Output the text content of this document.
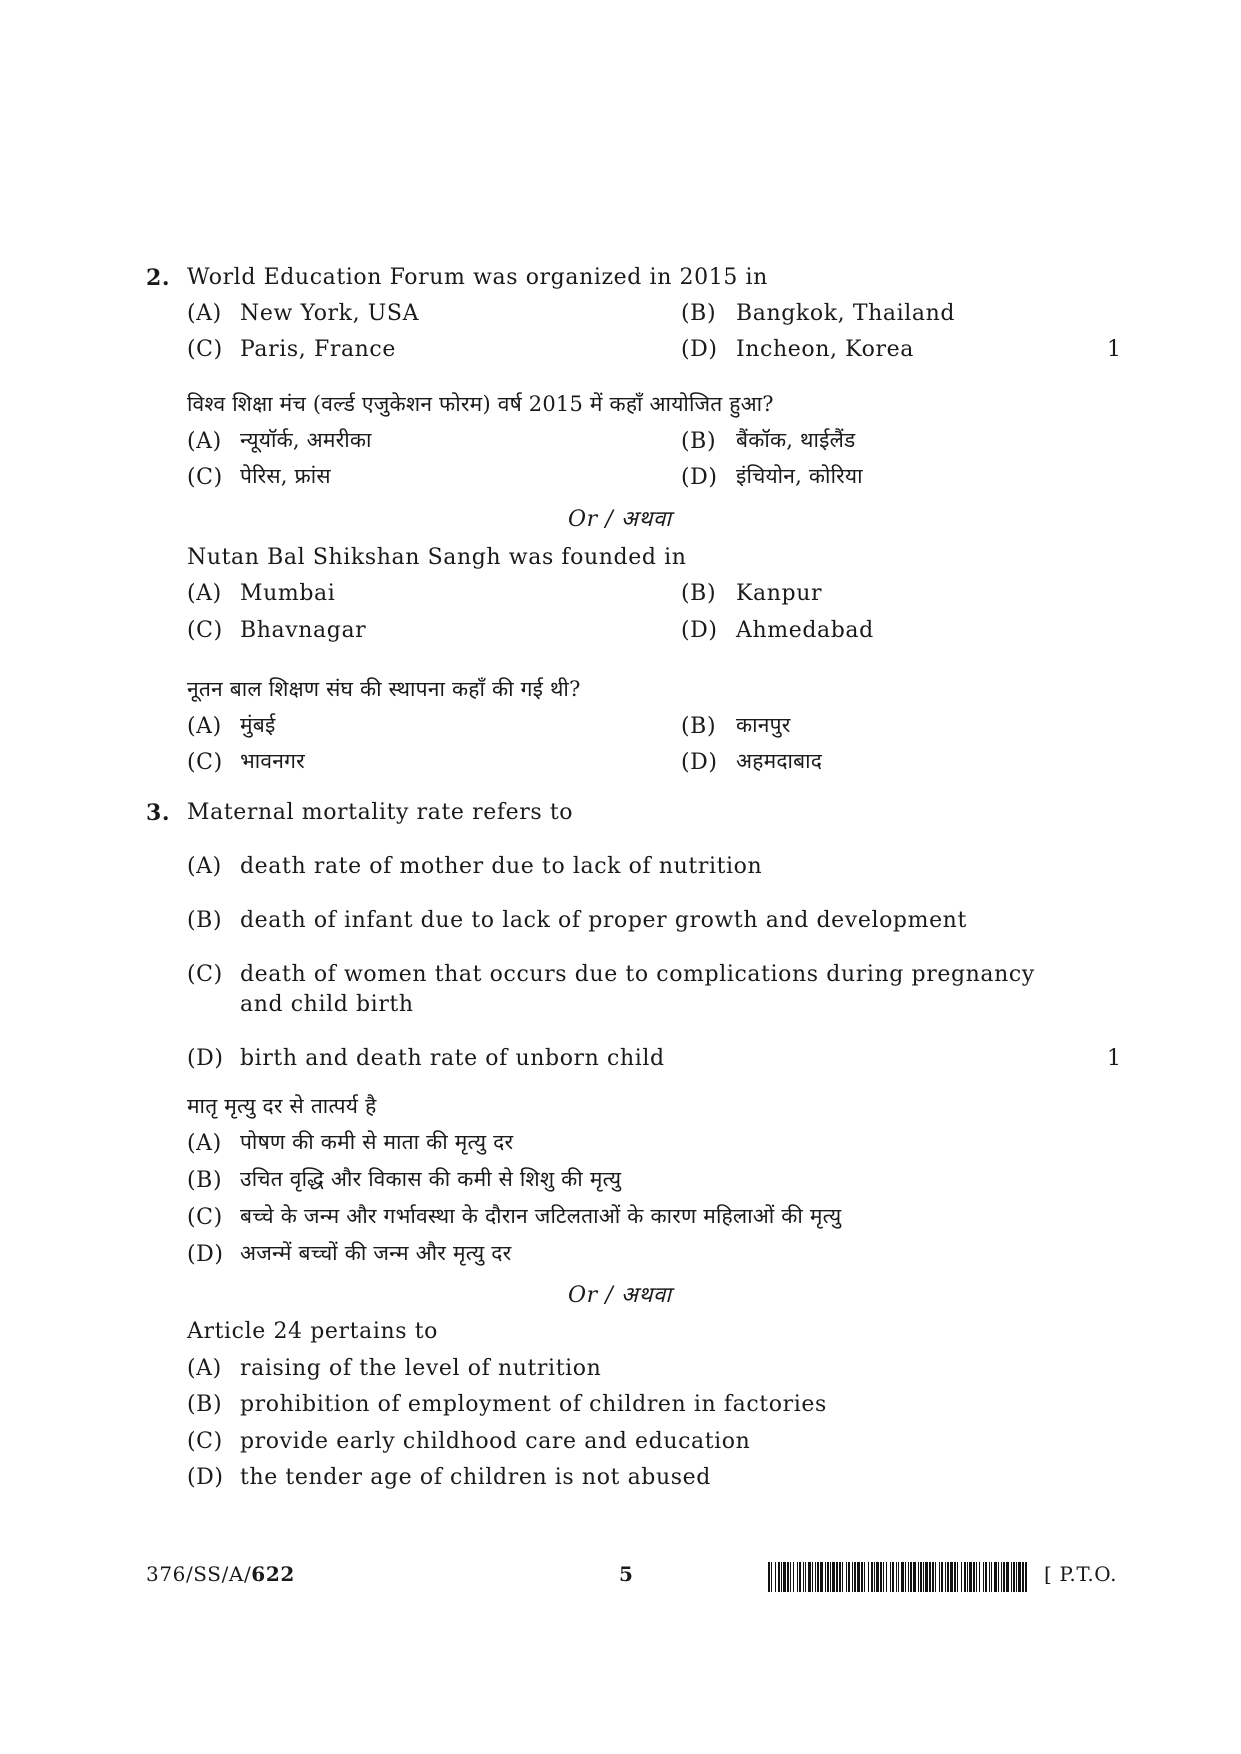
2. World Education Forum was organized in 2015 in
(A) New York, USA	(B) Bangkok, Thailand
(C) Paris, France	(D) Incheon, Korea	1
विश्व शिक्षा मंच (वर्ल्ड एजुकेशन फोरम) वर्ष 2015 में कहाँ आयोजित हुआ?
(A) न्यूयॉर्क, अमरीका	(B) बैंकॉक, थाईलैंड
(C) पेरिस, फ्रांस	(D) इंचियोन, कोरिया
Or / अथवा
Nutan Bal Shikshan Sangh was founded in
(A) Mumbai	(B) Kanpur
(C) Bhavnagar	(D) Ahmedabad
नूतन बाल शिक्षण संघ की स्थापना कहाँ की गई थी?
(A) मुंबई	(B) कानपुर
(C) भावनगर	(D) अहमदाबाद
3. Maternal mortality rate refers to
(A) death rate of mother due to lack of nutrition
(B) death of infant due to lack of proper growth and development
(C) death of women that occurs due to complications during pregnancy
and child birth
(D) birth and death rate of unborn child	1
मातृ मृत्यु दर से तात्पर्य है
(A) पोषण की कमी से माता की मृत्यु दर
(B) उचित वृद्धि और विकास की कमी से शिशु की मृत्यु
(C) बच्चे के जन्म और गर्भावस्था के दौरान जटिलताओं के कारण महिलाओं की मृत्यु
(D) अजन्में बच्चों की जन्म और मृत्यु दर
Or / अथवा
Article 24 pertains to
(A) raising of the level of nutrition
(B) prohibition of employment of children in factories
(C) provide early childhood care and education
(D) the tender age of children is not abused
376/SS/A/622	5	[ P.T.O.
